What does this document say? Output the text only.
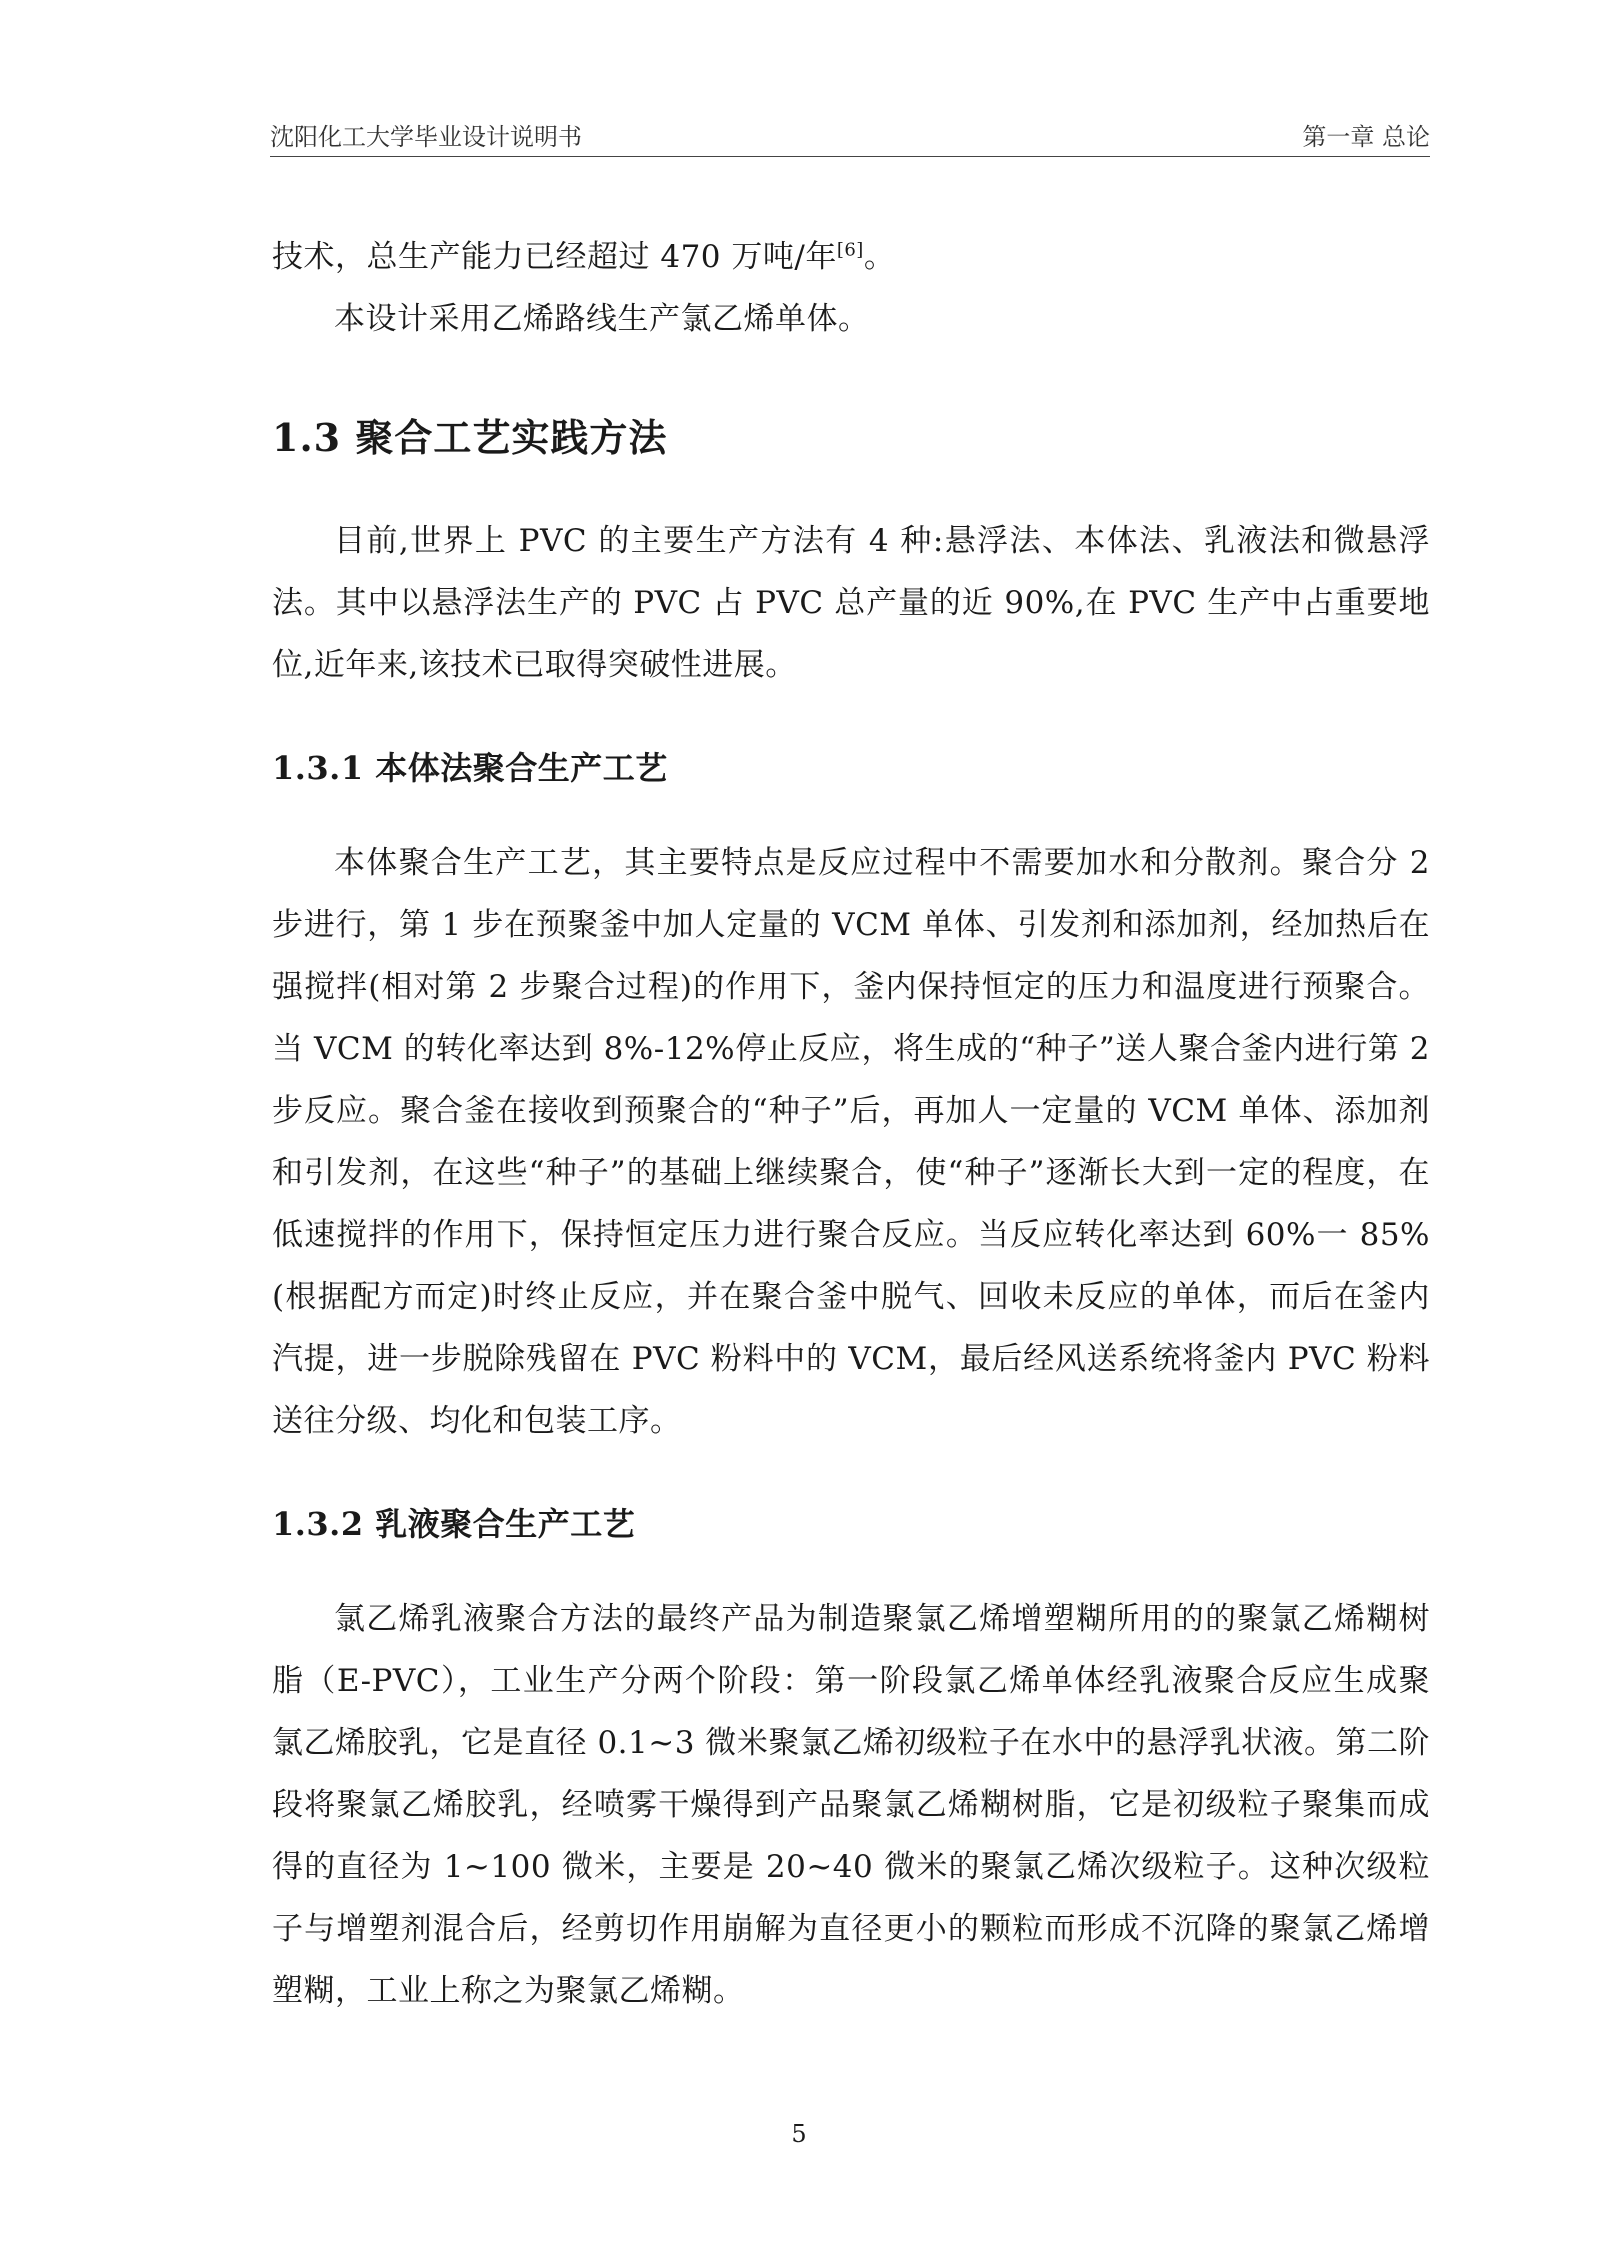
沈阳化工大学毕业设计说明书	第一章 总论

技术，总生产能力已经超过 470 万吨/年[6]。

本设计采用乙烯路线生产氯乙烯单体。

1.3 聚合工艺实践方法

目前,世界上 PVC 的主要生产方法有 4 种:悬浮法、本体法、乳液法和微悬浮法。其中以悬浮法生产的 PVC 占 PVC 总产量的近 90%,在 PVC 生产中占重要地位,近年来,该技术已取得突破性进展。

1.3.1 本体法聚合生产工艺

本体聚合生产工艺，其主要特点是反应过程中不需要加水和分散剂。聚合分 2 步进行，第 1 步在预聚釜中加人定量的 VCM 单体、引发剂和添加剂，经加热后在强搅拌(相对第 2 步聚合过程)的作用下，釜内保持恒定的压力和温度进行预聚合。当 VCM 的转化率达到 8%-12%停止反应，将生成的“种子”送人聚合釜内进行第 2 步反应。聚合釜在接收到预聚合的“种子”后，再加人一定量的 VCM 单体、添加剂和引发剂，在这些“种子”的基础上继续聚合，使“种子”逐渐长大到一定的程度，在低速搅拌的作用下，保持恒定压力进行聚合反应。当反应转化率达到 60%一 85%(根据配方而定)时终止反应，并在聚合釜中脱气、回收未反应的单体，而后在釜内汽提，进一步脱除残留在 PVC 粉料中的 VCM，最后经风送系统将釜内 PVC 粉料送往分级、均化和包装工序。

1.3.2 乳液聚合生产工艺

氯乙烯乳液聚合方法的最终产品为制造聚氯乙烯增塑糊所用的的聚氯乙烯糊树脂（E-PVC），工业生产分两个阶段：第一阶段氯乙烯单体经乳液聚合反应生成聚氯乙烯胶乳，它是直径 0.1~3 微米聚氯乙烯初级粒子在水中的悬浮乳状液。第二阶段将聚氯乙烯胶乳，经喷雾干燥得到产品聚氯乙烯糊树脂，它是初级粒子聚集而成得的直径为 1~100 微米，主要是 20~40 微米的聚氯乙烯次级粒子。这种次级粒子与增塑剂混合后，经剪切作用崩解为直径更小的颗粒而形成不沉降的聚氯乙烯增塑糊，工业上称之为聚氯乙烯糊。

5
